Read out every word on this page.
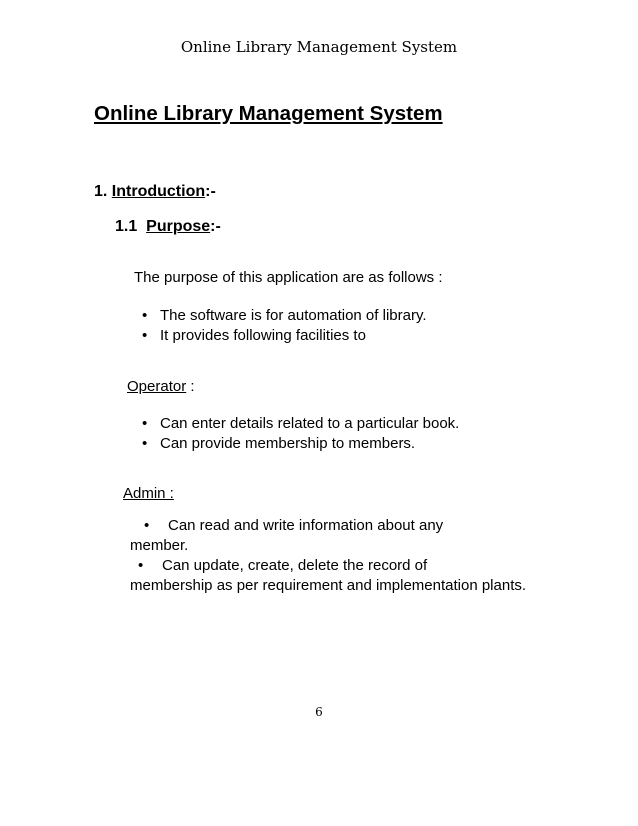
Online Library Management System
Online Library Management System
1. Introduction:-
1.1 Purpose:-
The purpose of this application are as follows :
• The software is for automation of library.
• It provides following facilities to
Operator :
• Can enter details related to a particular book.
• Can provide membership to members.
Admin :
• Can read and write information about any
member.
• Can update, create, delete the record of
membership as per requirement and implementation plants.
6
